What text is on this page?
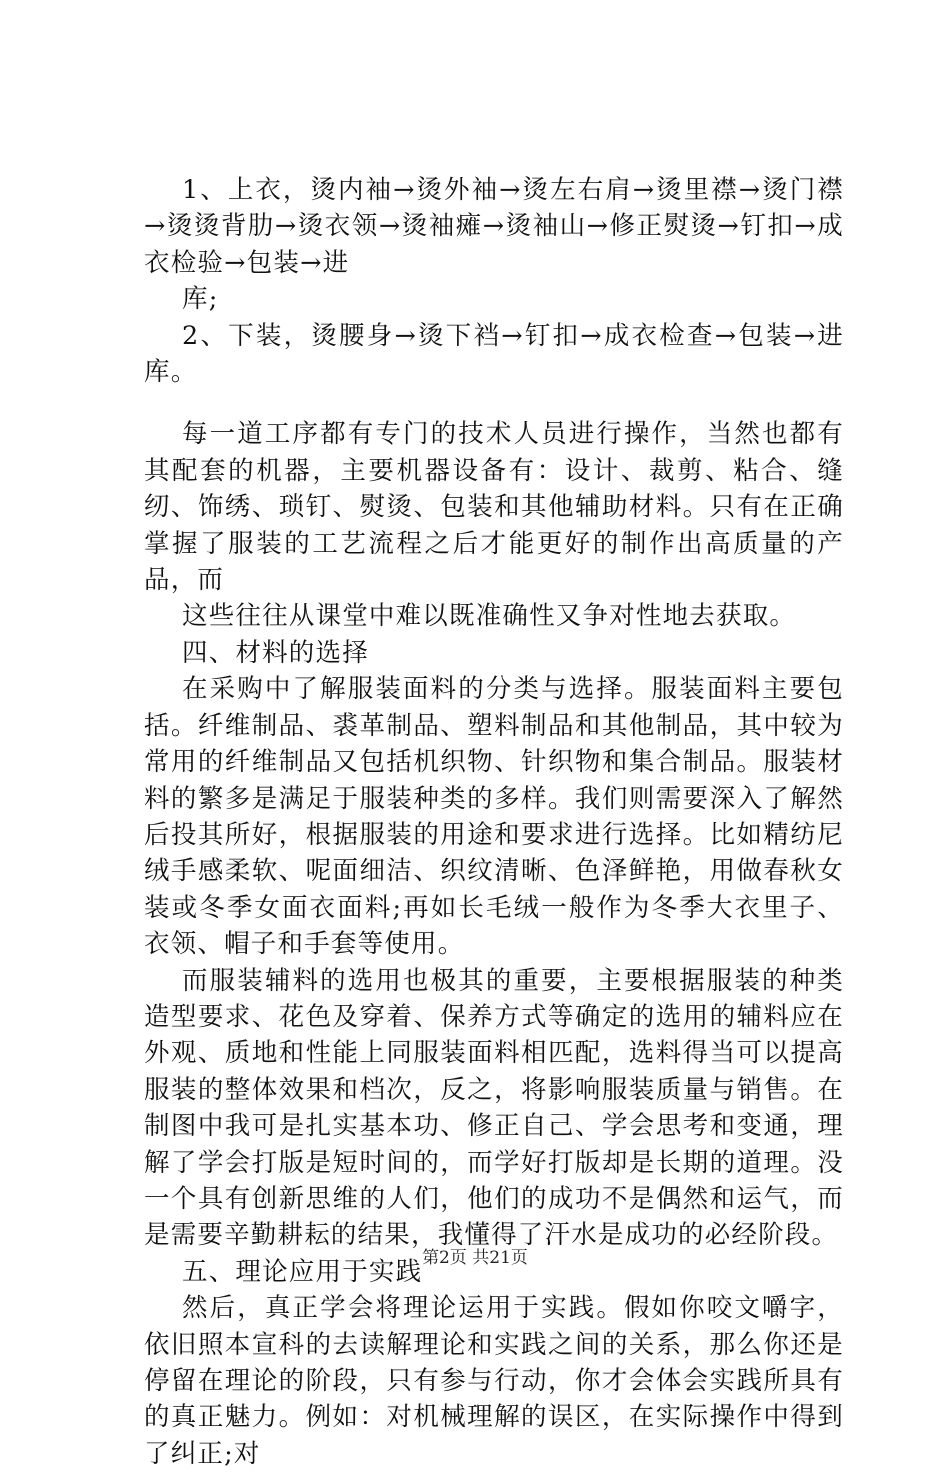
1、上衣，烫内袖→烫外袖→烫左右肩→烫里襟→烫门襟→烫烫背肋→烫衣领→烫袖瘫→烫袖山→修正熨烫→钉扣→成衣检验→包装→进

库;

2、下装，烫腰身→烫下裆→钉扣→成衣检查→包装→进库。

每一道工序都有专门的技术人员进行操作，当然也都有其配套的机器，主要机器设备有：设计、裁剪、粘合、缝纫、饰绣、琐钉、熨烫、包装和其他辅助材料。只有在正确掌握了服装的工艺流程之后才能更好的制作出高质量的产品，而

这些往往从课堂中难以既准确性又争对性地去获取。

四、材料的选择

在采购中了解服装面料的分类与选择。服装面料主要包括。纤维制品、裘革制品、塑料制品和其他制品，其中较为常用的纤维制品又包括机织物、针织物和集合制品。服装材料的繁多是满足于服装种类的多样。我们则需要深入了解然后投其所好，根据服装的用途和要求进行选择。比如精纺尼绒手感柔软、呢面细洁、织纹清晰、色泽鲜艳，用做春秋女装或冬季女面衣面料;再如长毛绒一般作为冬季大衣里子、衣领、帽子和手套等使用。

而服装辅料的选用也极其的重要，主要根据服装的种类造型要求、花色及穿着、保养方式等确定的选用的辅料应在外观、质地和性能上同服装面料相匹配，选料得当可以提高服装的整体效果和档次，反之，将影响服装质量与销售。在制图中我可是扎实基本功、修正自己、学会思考和变通，理解了学会打版是短时间的，而学好打版却是长期的道理。没一个具有创新思维的人们，他们的成功不是偶然和运气，而是需要辛勤耕耘的结果，我懂得了汗水是成功的必经阶段。

五、理论应用于实践

然后，真正学会将理论运用于实践。假如你咬文嚼字，依旧照本宣科的去读解理论和实践之间的关系，那么你还是停留在理论的阶段，只有参与行动，你才会体会实践所具有的真正魅力。例如：对机械理解的误区，在实际操作中得到了纠正;对

第2页 共21页
